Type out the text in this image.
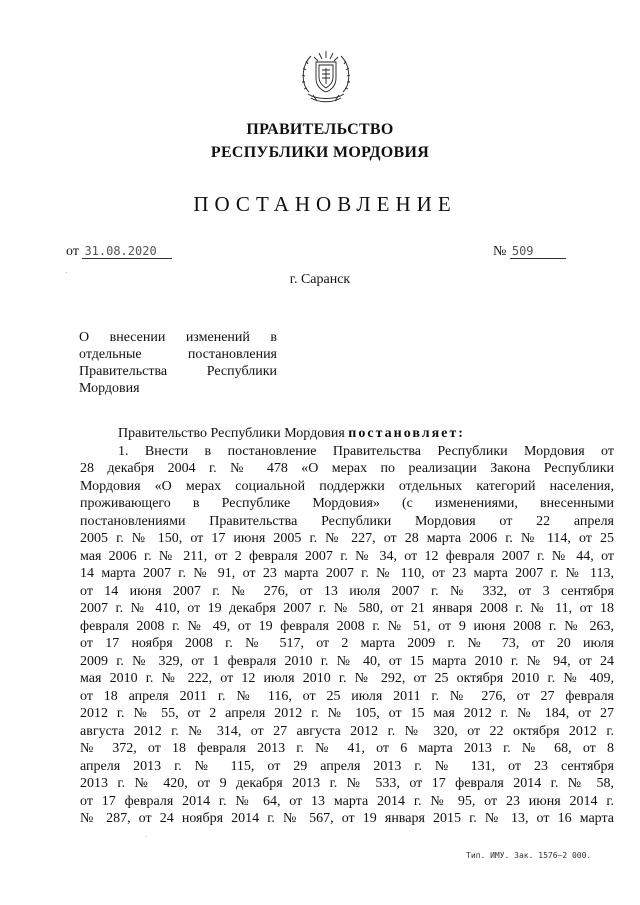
ПРАВИТЕЛЬСТВО
РЕСПУБЛИКИ МОРДОВИЯ
ПОСТАНОВЛЕНИЕ
от 31.08.2020	№ 509
г. Саранск
О внесении изменений в отдельные постановления Правительства Республики Мордовия
Правительство Республики Мордовия постановляет:
1. Внести в постановление Правительства Республики Мордовия от
28 декабря 2004 г. № 478 «О мерах по реализации Закона Республики
Мордовия «О мерах социальной поддержки отдельных категорий населения,
проживающего в Республике Мордовия» (с изменениями, внесенными
постановлениями Правительства Республики Мордовия от 22 апреля
2005 г. № 150, от 17 июня 2005 г. № 227, от 28 марта 2006 г. № 114, от 25
мая 2006 г. № 211, от 2 февраля 2007 г. № 34, от 12 февраля 2007 г. № 44, от
14 марта 2007 г. № 91, от 23 марта 2007 г. № 110, от 23 марта 2007 г. № 113,
от 14 июня 2007 г. № 276, от 13 июля 2007 г. № 332, от 3 сентября
2007 г. № 410, от 19 декабря 2007 г. № 580, от 21 января 2008 г. № 11, от 18
февраля 2008 г. № 49, от 19 февраля 2008 г. № 51, от 9 июня 2008 г. № 263,
от 17 ноября 2008 г. № 517, от 2 марта 2009 г. № 73, от 20 июля
2009 г. № 329, от 1 февраля 2010 г. № 40, от 15 марта 2010 г. № 94, от 24
мая 2010 г. № 222, от 12 июля 2010 г. № 292, от 25 октября 2010 г. № 409,
от 18 апреля 2011 г. № 116, от 25 июля 2011 г. № 276, от 27 февраля
2012 г. № 55, от 2 апреля 2012 г. № 105, от 15 мая 2012 г. № 184, от 27
августа 2012 г. № 314, от 27 августа 2012 г. № 320, от 22 октября 2012 г.
№ 372, от 18 февраля 2013 г. № 41, от 6 марта 2013 г. № 68, от 8
апреля 2013 г. № 115, от 29 апреля 2013 г. № 131, от 23 сентября
2013 г. № 420, от 9 декабря 2013 г. № 533, от 17 февраля 2014 г. № 58,
от 17 февраля 2014 г. № 64, от 13 марта 2014 г. № 95, от 23 июня 2014 г.
№ 287, от 24 ноября 2014 г. № 567, от 19 января 2015 г. № 13, от 16 марта
Тип. ИМУ. Зак. 1576—2 000.
